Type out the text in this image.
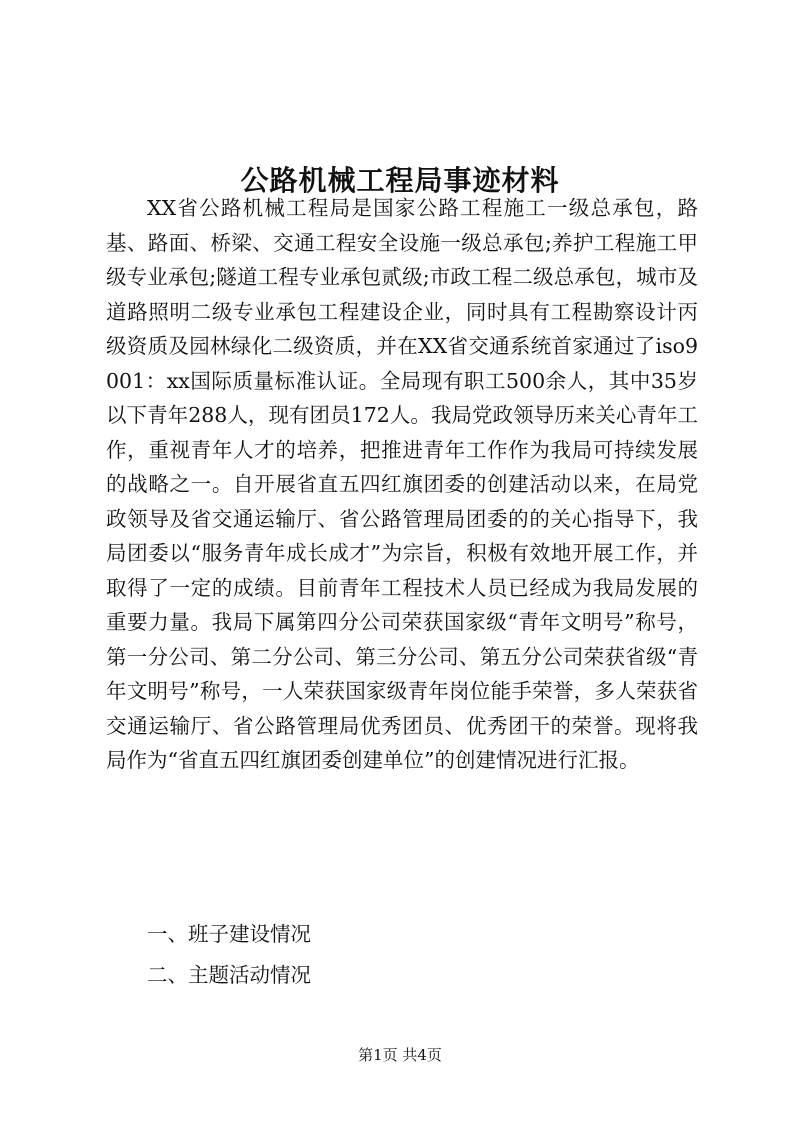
公路机械工程局事迹材料

XX省公路机械工程局是国家公路工程施工一级总承包，路基、路面、桥梁、交通工程安全设施一级总承包;养护工程施工甲级专业承包;隧道工程专业承包贰级;市政工程二级总承包，城市及道路照明二级专业承包工程建设企业，同时具有工程勘察设计丙级资质及园林绿化二级资质，并在XX省交通系统首家通过了iso9001：xx国际质量标准认证。全局现有职工500余人，其中35岁以下青年288人，现有团员172人。我局党政领导历来关心青年工作，重视青年人才的培养，把推进青年工作作为我局可持续发展的战略之一。自开展省直五四红旗团委的创建活动以来，在局党政领导及省交通运输厅、省公路管理局团委的的关心指导下，我局团委以“服务青年成长成才”为宗旨，积极有效地开展工作，并取得了一定的成绩。目前青年工程技术人员已经成为我局发展的重要力量。我局下属第四分公司荣获国家级“青年文明号”称号，第一分公司、第二分公司、第三分公司、第五分公司荣获省级“青年文明号”称号，一人荣获国家级青年岗位能手荣誉，多人荣获省交通运输厅、省公路管理局优秀团员、优秀团干的荣誉。现将我局作为“省直五四红旗团委创建单位”的创建情况进行汇报。

一、班子建设情况

二、主题活动情况

第1页 共4页
